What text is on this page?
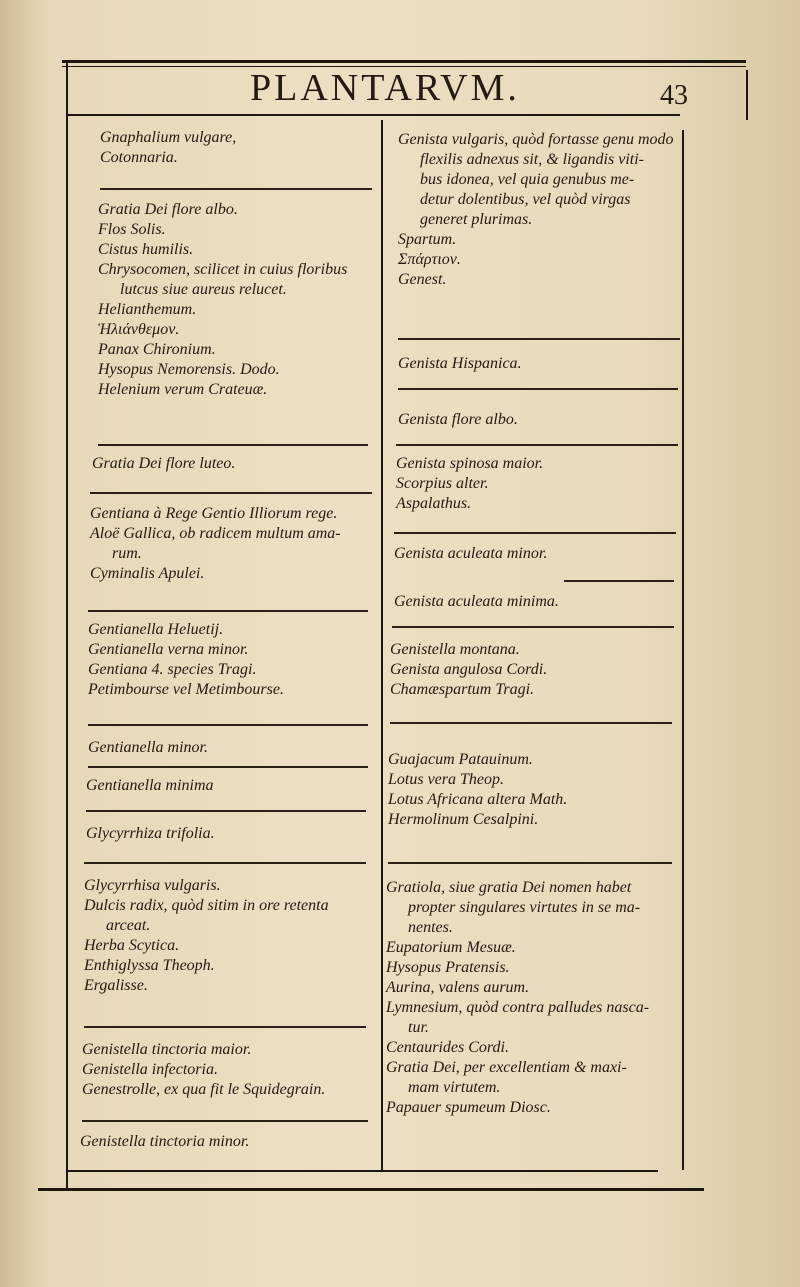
PLANTARVM.	43
Gnaphalium vulgare,
Cotonnaria.
Gratia Dei flore albo.
Flos Solis.
Cistus humilis.
Chrysocomen, scilicet in cuius floribus
lutcus siue aureus relucet.
Helianthemum.
Ἡλιάνθεμον.
Panax Chironium.
Hysopus Nemorensis. Dodo.
Helenium verum Crateuæ.
Gratia Dei flore luteo.
Gentiana à Rege Gentio Illiorum rege.
Aloë Gallica, ob radicem multum ama-
rum.
Cyminalis Apulei.
Gentianella Heluetij.
Gentianella verna minor.
Gentiana 4. species Tragi.
Petimbourse vel Metimbourse.
Gentianella minor.
Gentianella minima
Glycyrrhiza trifolia.
Glycyrrhisa vulgaris.
Dulcis radix, quòd sitim in ore retenta
arceat.
Herba Scytica.
Enthiglyssa Theoph.
Ergalisse.
Genistella tinctoria maior.
Genistella infectoria.
Genestrolle, ex qua fit le Squidegrain.
Genistella tinctoria minor.
Genista vulgaris, quòd fortasse genu modo
flexilis adnexus sit, & ligandis viti-
bus idonea, vel quia genubus me-
detur dolentibus, vel quòd virgas
generet plurimas.
Spartum.
Σπάρτιον.
Genest.
Genista Hispanica.
Genista flore albo.
Genista spinosa maior.
Scorpius alter.
Aspalathus.
Genista aculeata minor.
Genista aculeata minima.
Genistella montana.
Genista angulosa Cordi.
Chamæspartum Tragi.
Guajacum Patauinum.
Lotus vera Theop.
Lotus Africana altera Math.
Hermolinum Cesalpini.
Gratiola, siue gratia Dei nomen habet
propter singulares virtutes in se ma-
nentes.
Eupatorium Mesuæ.
Hysopus Pratensis.
Aurina, valens aurum.
Lymnesium, quòd contra palludes nasca-
tur.
Centaurides Cordi.
Gratia Dei, per excellentiam & maxi-
mam virtutem.
Papauer spumeum Diosc.
